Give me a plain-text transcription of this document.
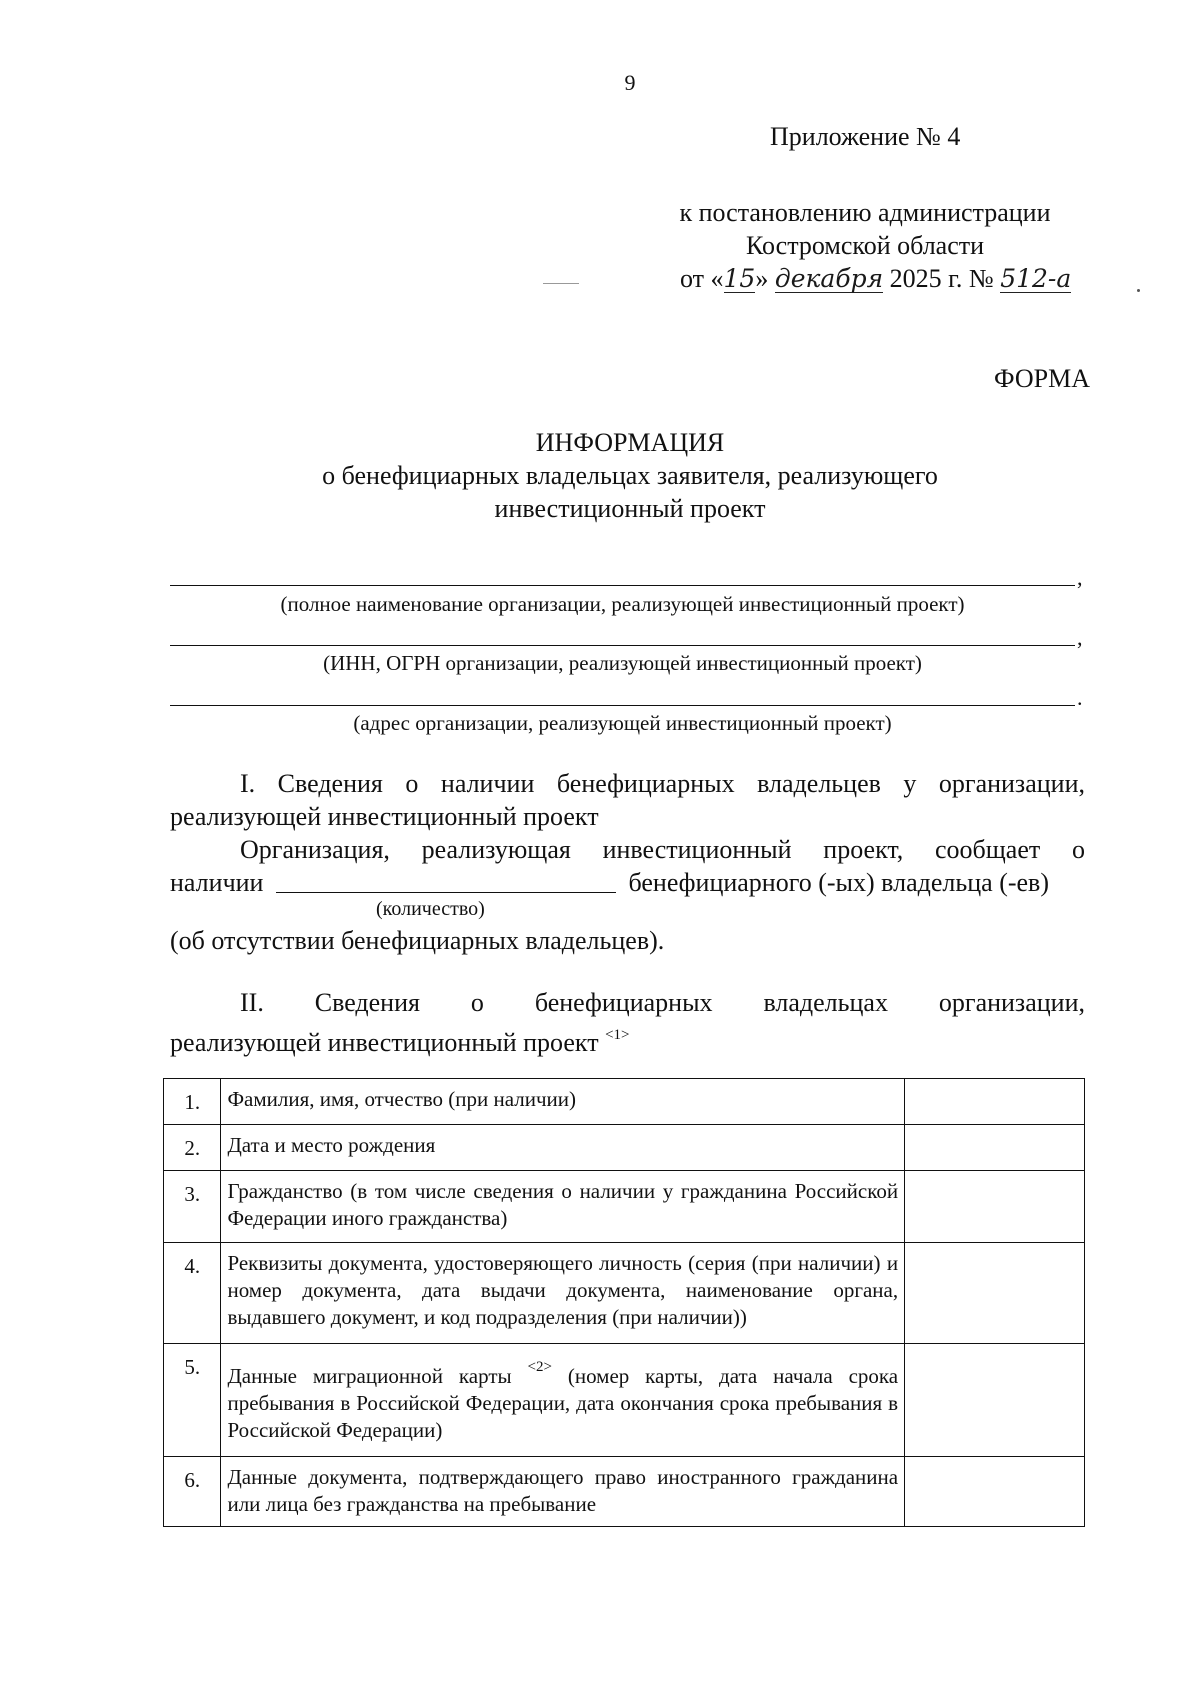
9
Приложение № 4
к постановлению администрации
Костромской области
от «15» декабря 2025 г. № 512-а
ФОРМА
ИНФОРМАЦИЯ
о бенефициарных владельцах заявителя, реализующего
инвестиционный проект
,
(полное наименование организации, реализующей инвестиционный проект)
,
(ИНН, ОГРН организации, реализующей инвестиционный проект)
.
(адрес организации, реализующей инвестиционный проект)
I. Сведения о наличии бенефициарных владельцев у организации, реализующей инвестиционный проект
Организация, реализующая инвестиционный проект, сообщает о
наличии	бенефициарного (-ых) владельца (-ев)
(количество)
(об отсутствии бенефициарных владельцев).
II. Сведения о бенефициарных владельцах организации,
реализующей инвестиционный проект $^{<1>}$
1.	Фамилия, имя, отчество (при наличии)	
2.	Дата и место рождения	
3.	Гражданство (в том числе сведения о наличии у гражданина Российской Федерации иного гражданства)	
4.	Реквизиты документа, удостоверяющего личность (серия (при наличии) и номер документа, дата выдачи документа, наименование органа, выдавшего документ, и код подразделения (при наличии))	
5.	Данные миграционной карты $^{<2>}$ (номер карты, дата начала срока пребывания в Российской Федерации, дата окончания срока пребывания в Российской Федерации)	
6.	Данные документа, подтверждающего право иностранного гражданина или лица без гражданства на пребывание	
